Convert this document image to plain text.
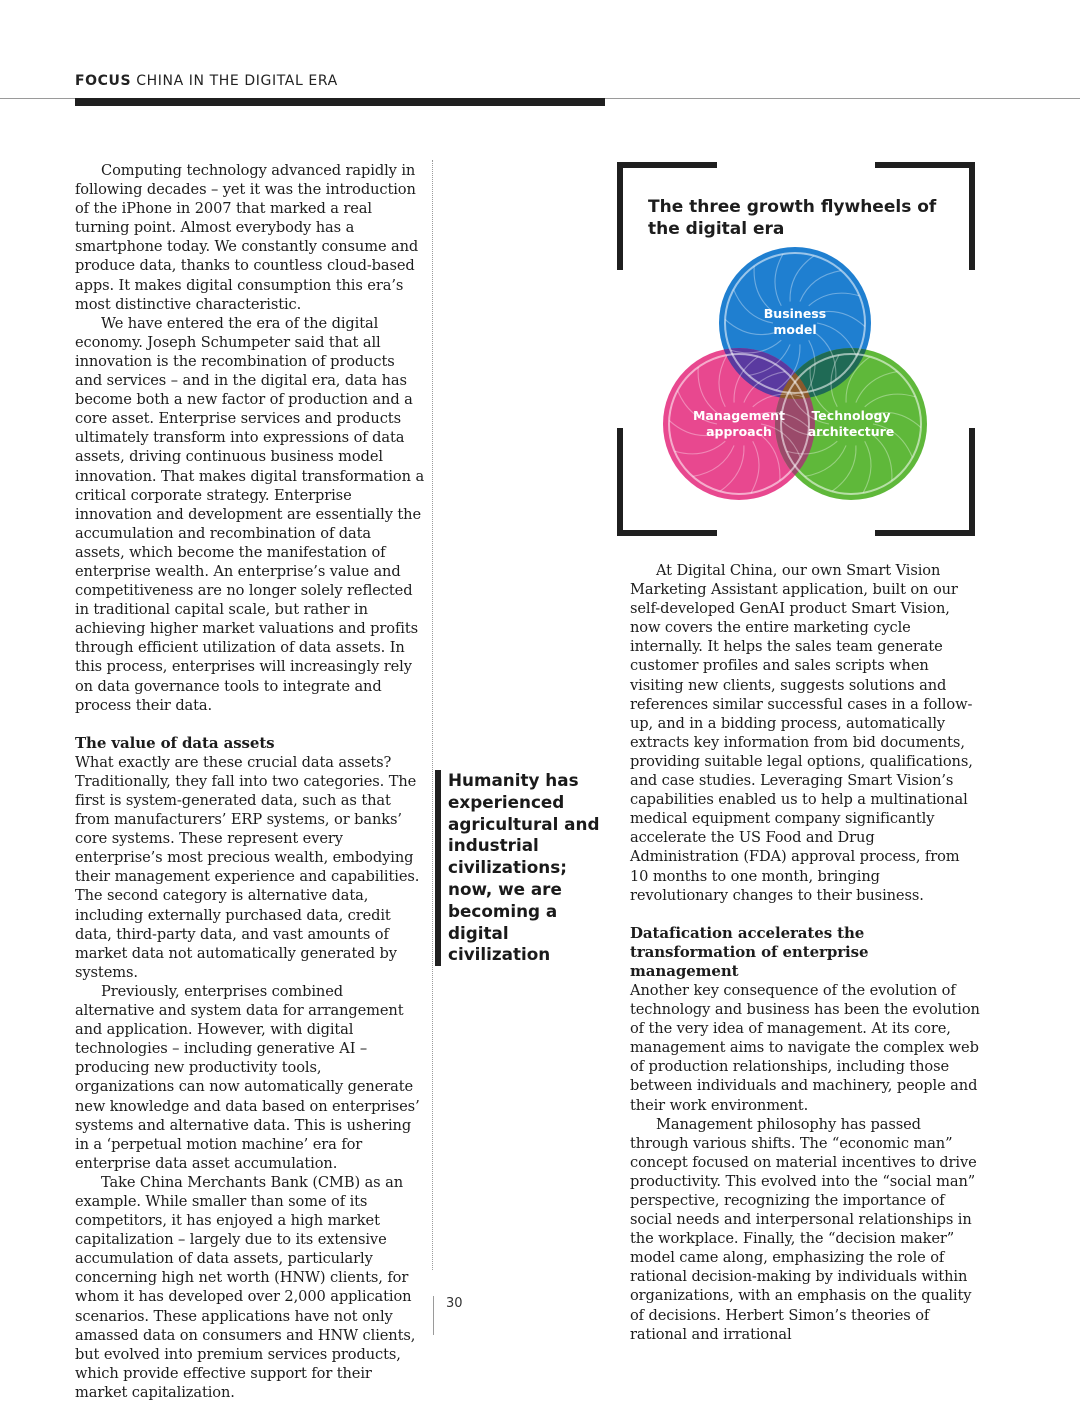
FOCUS CHINA IN THE DIGITAL ERA

Computing technology advanced rapidly in following decades – yet it was the introduction of the iPhone in 2007 that marked a real turning point. Almost everybody has a smartphone today. We constantly consume and produce data, thanks to countless cloud-based apps. It makes digital consumption this era’s most distinctive characteristic.

We have entered the era of the digital economy. Joseph Schumpeter said that all innovation is the recombination of products and services – and in the digital era, data has become both a new factor of production and a core asset. Enterprise services and products ultimately transform into expressions of data assets, driving continuous business model innovation. That makes digital transformation a critical corporate strategy. Enterprise innovation and development are essentially the accumulation and recombination of data assets, which become the manifestation of enterprise wealth. An enterprise’s value and competitiveness are no longer solely reflected in traditional capital scale, but rather in achieving higher market valuations and profits through efficient utilization of data assets. In this process, enterprises will increasingly rely on data governance tools to integrate and process their data.

The value of data assets

What exactly are these crucial data assets? Traditionally, they fall into two categories. The first is system-generated data, such as that from manufacturers’ ERP systems, or banks’ core systems. These represent every enterprise’s most precious wealth, embodying their management experience and capabilities. The second category is alternative data, including externally purchased data, credit data, third-party data, and vast amounts of market data not automatically generated by systems.

Previously, enterprises combined alternative and system data for arrangement and application. However, with digital technologies – including generative AI – producing new productivity tools, organizations can now automatically generate new knowledge and data based on enterprises’ systems and alternative data. This is ushering in a ‘perpetual motion machine’ era for enterprise data asset accumulation.

Take China Merchants Bank (CMB) as an example. While smaller than some of its competitors, it has enjoyed a high market capitalization – largely due to its extensive accumulation of data assets, particularly concerning high net worth (HNW) clients, for whom it has developed over 2,000 application scenarios. These applications have not only amassed data on consumers and HNW clients, but evolved into premium services products, which provide effective support for their market capitalization.

Humanity has experienced agricultural and industrial civilizations; now, we are becoming a digital civilization
Business model
Management approach
Technology architecture
The three growth flywheels of the digital era

At Digital China, our own Smart Vision Marketing Assistant application, built on our self-developed GenAI product Smart Vision, now covers the entire marketing cycle internally. It helps the sales team generate customer profiles and sales scripts when visiting new clients, suggests solutions and references similar successful cases in a follow-up, and in a bidding process, automatically extracts key information from bid documents, providing suitable legal options, qualifications, and case studies. Leveraging Smart Vision’s capabilities enabled us to help a multinational medical equipment company significantly accelerate the US Food and Drug Administration (FDA) approval process, from 10 months to one month, bringing revolutionary changes to their business.

Datafication accelerates the transformation of enterprise management

Another key consequence of the evolution of technology and business has been the evolution of the very idea of management. At its core, management aims to navigate the complex web of production relationships, including those between individuals and machinery, people and their work environment.

Management philosophy has passed through various shifts. The “economic man” concept focused on material incentives to drive productivity. This evolved into the “social man” perspective, recognizing the importance of social needs and interpersonal relationships in the workplace. Finally, the “decision maker” model came along, emphasizing the role of rational decision-making by individuals within organizations, with an emphasis on the quality of decisions. Herbert Simon’s theories of rational and irrational

30
